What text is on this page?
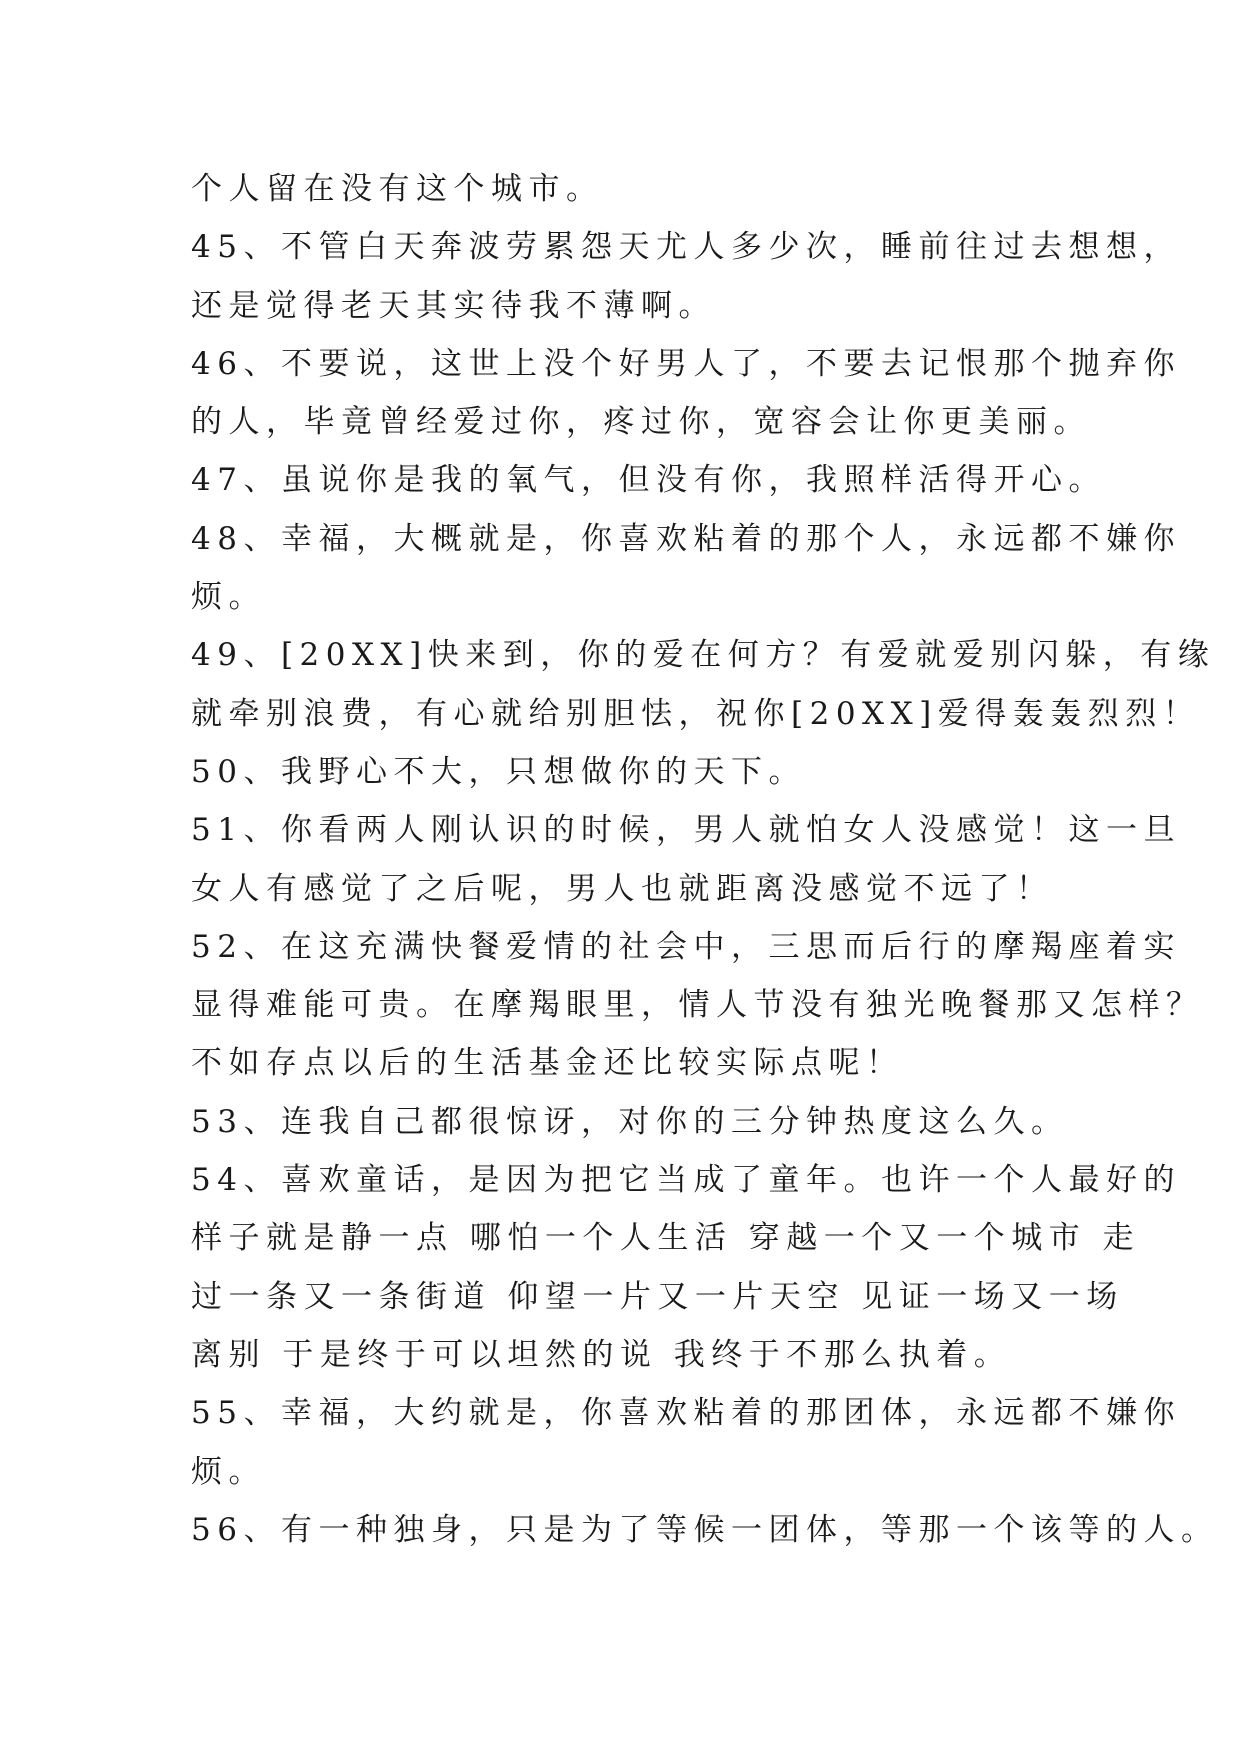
个人留在没有这个城市。
45、不管白天奔波劳累怨天尤人多少次，睡前往过去想想，
还是觉得老天其实待我不薄啊。
46、不要说，这世上没个好男人了，不要去记恨那个抛弃你
的人，毕竟曾经爱过你，疼过你，宽容会让你更美丽。
47、虽说你是我的氧气，但没有你，我照样活得开心。
48、幸福，大概就是，你喜欢粘着的那个人，永远都不嫌你
烦。
49、[20XX]快来到，你的爱在何方？有爱就爱别闪躲，有缘
就牵别浪费，有心就给别胆怯，祝你[20XX]爱得轰轰烈烈！
50、我野心不大，只想做你的天下。
51、你看两人刚认识的时候，男人就怕女人没感觉！这一旦
女人有感觉了之后呢，男人也就距离没感觉不远了！
52、在这充满快餐爱情的社会中，三思而后行的摩羯座着实
显得难能可贵。在摩羯眼里，情人节没有独光晚餐那又怎样？
不如存点以后的生活基金还比较实际点呢！
53、连我自己都很惊讶，对你的三分钟热度这么久。
54、喜欢童话，是因为把它当成了童年。也许一个人最好的
样子就是静一点 哪怕一个人生活 穿越一个又一个城市 走
过一条又一条街道 仰望一片又一片天空 见证一场又一场
离别 于是终于可以坦然的说 我终于不那么执着。
55、幸福，大约就是，你喜欢粘着的那团体，永远都不嫌你
烦。
56、有一种独身，只是为了等候一团体，等那一个该等的人。
